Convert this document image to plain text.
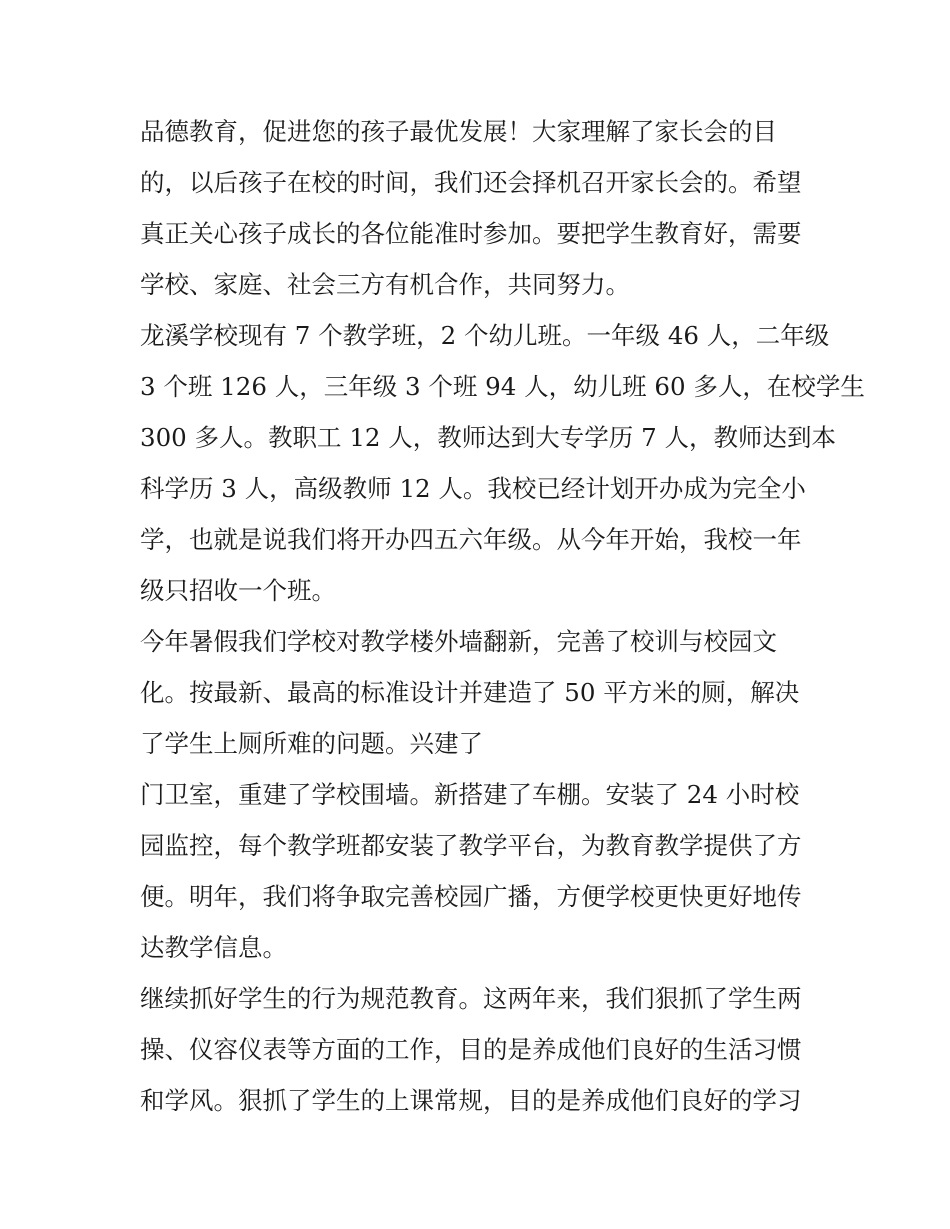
品德教育，促进您的孩子最优发展！大家理解了家长会的目
的，以后孩子在校的时间，我们还会择机召开家长会的。希望
真正关心孩子成长的各位能准时参加。要把学生教育好，需要
学校、家庭、社会三方有机合作，共同努力。
龙溪学校现有 7 个教学班，2 个幼儿班。一年级 46 人，二年级
3 个班 126 人，三年级 3 个班 94 人，幼儿班 60 多人，在校学生
300 多人。教职工 12 人，教师达到大专学历 7 人，教师达到本
科学历 3 人，高级教师 12 人。我校已经计划开办成为完全小
学，也就是说我们将开办四五六年级。从今年开始，我校一年
级只招收一个班。
今年暑假我们学校对教学楼外墙翻新，完善了校训与校园文
化。按最新、最高的标准设计并建造了 50 平方米的厕，解决
了学生上厕所难的问题。兴建了
门卫室，重建了学校围墙。新搭建了车棚。安装了 24 小时校
园监控，每个教学班都安装了教学平台，为教育教学提供了方
便。明年，我们将争取完善校园广播，方便学校更快更好地传
达教学信息。
继续抓好学生的行为规范教育。这两年来，我们狠抓了学生两
操、仪容仪表等方面的工作，目的是养成他们良好的生活习惯
和学风。狠抓了学生的上课常规，目的是养成他们良好的学习
